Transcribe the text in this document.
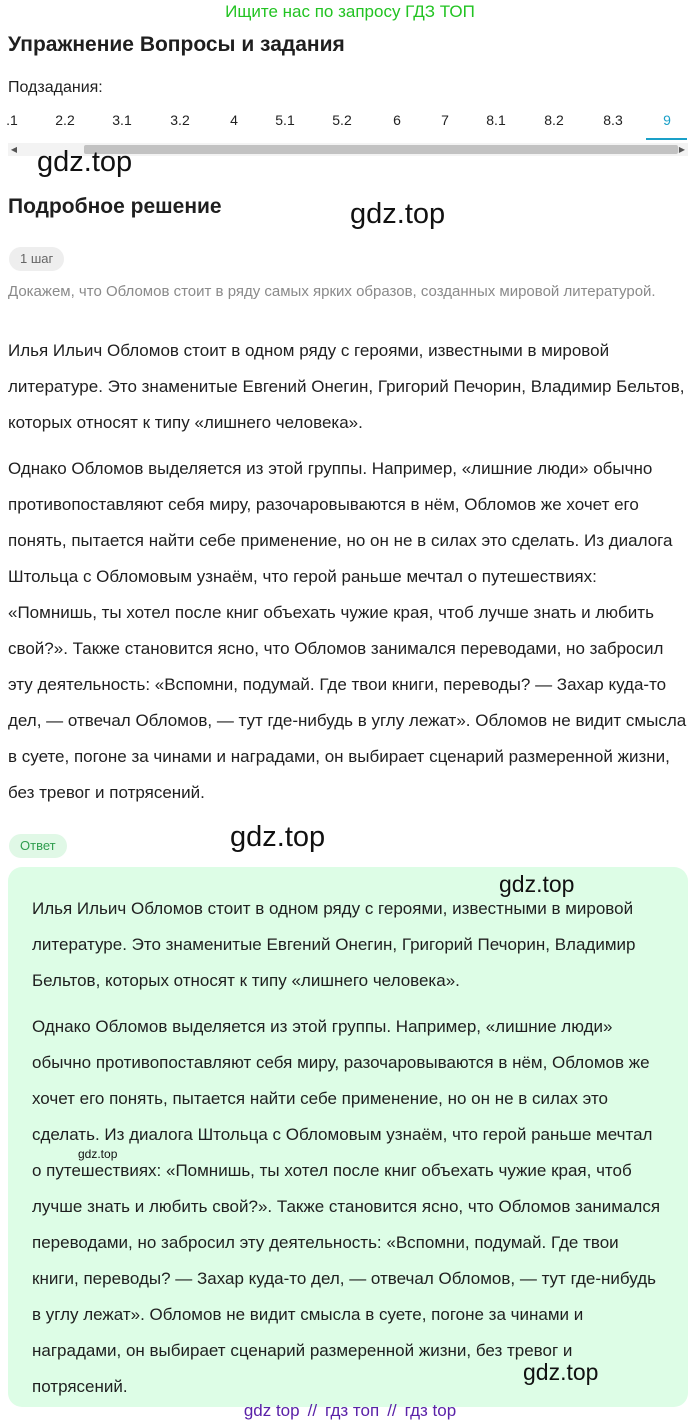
Ищите нас по запросу ГДЗ ТОП
Упражнение Вопросы и задания
Подзадания:
.1	2.2	3.1	3.2	4	5.1	5.2	6	7	8.1	8.2	8.3	9
◀	▶
gdz.top
Подробное решение	gdz.top
1 шаг

Докажем, что Обломов стоит в ряду самых ярких образов, созданных мировой литературой.

Илья Ильич Обломов стоит в одном ряду с героями, известными в мировой литературе. Это знаменитые Евгений Онегин, Григорий Печорин, Владимир Бельтов, которых относят к типу «лишнего человека».

Однако Обломов выделяется из этой группы. Например, «лишние люди» обычно противопоставляют себя миру, разочаровываются в нём, Обломов же хочет его понять, пытается найти себе применение, но он не в силах это сделать. Из диалога Штольца с Обломовым узнаём, что герой раньше мечтал о путешествиях: «Помнишь, ты хотел после книг объехать чужие края, чтоб лучше знать и любить свой?». Также становится ясно, что Обломов занимался переводами, но забросил эту деятельность: «Вспомни, подумай. Где твои книги, переводы? — Захар куда-то дел, — отвечал Обломов, — тут где-нибудь в углу лежат». Обломов не видит смысла в суете, погоне за чинами и наградами, он выбирает сценарий размеренной жизни, без тревог и потрясений.

Ответ	gdz.top

Илья Ильич Обломов стоит в одном ряду с героями, известными в мировой литературе. Это знаменитые Евгений Онегин, Григорий Печорин, Владимир Бельтов, которых относят к типу «лишнего человека».

Однако Обломов выделяется из этой группы. Например, «лишние люди» обычно противопоставляют себя миру, разочаровываются в нём, Обломов же хочет его понять, пытается найти себе применение, но он не в силах это сделать. Из диалога Штольца с Обломовым узнаём, что герой раньше мечтал о путешествиях: «Помнишь, ты хотел после книг объехать чужие края, чтоб лучше знать и любить свой?». Также становится ясно, что Обломов занимался переводами, но забросил эту деятельность: «Вспомни, подумай. Где твои книги, переводы? — Захар куда-то дел, — отвечал Обломов, — тут где-нибудь в углу лежат». Обломов не видит смысла в суете, погоне за чинами и наградами, он выбирает сценарий размеренной жизни, без тревог и потрясений.

gdz.top
gdz.top
gdz.top
gdz top // гдз топ // гдз top
